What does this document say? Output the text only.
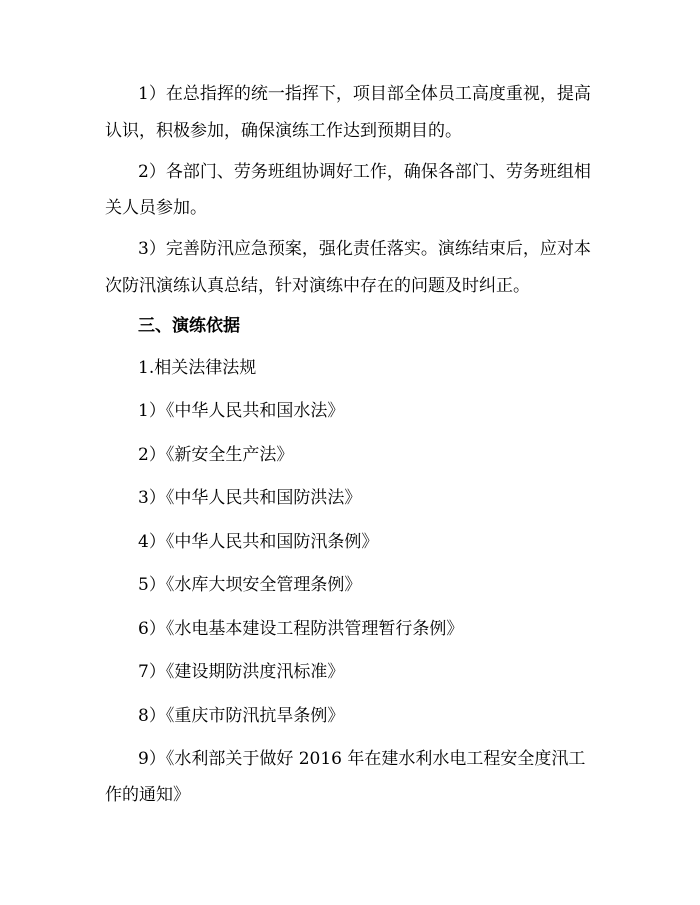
1）在总指挥的统一指挥下，项目部全体员工高度重视，提高

认识，积极参加，确保演练工作达到预期目的。

2）各部门、劳务班组协调好工作，确保各部门、劳务班组相

关人员参加。

3）完善防汛应急预案，强化责任落实。演练结束后，应对本

次防汛演练认真总结，针对演练中存在的问题及时纠正。

三、演练依据

1.相关法律法规

1）《中华人民共和国水法》

2）《新安全生产法》

3）《中华人民共和国防洪法》

4）《中华人民共和国防汛条例》

5）《水库大坝安全管理条例》

6）《水电基本建设工程防洪管理暂行条例》

7）《建设期防洪度汛标准》

8）《重庆市防汛抗旱条例》

9）《水利部关于做好 2016 年在建水利水电工程安全度汛工

作的通知》
